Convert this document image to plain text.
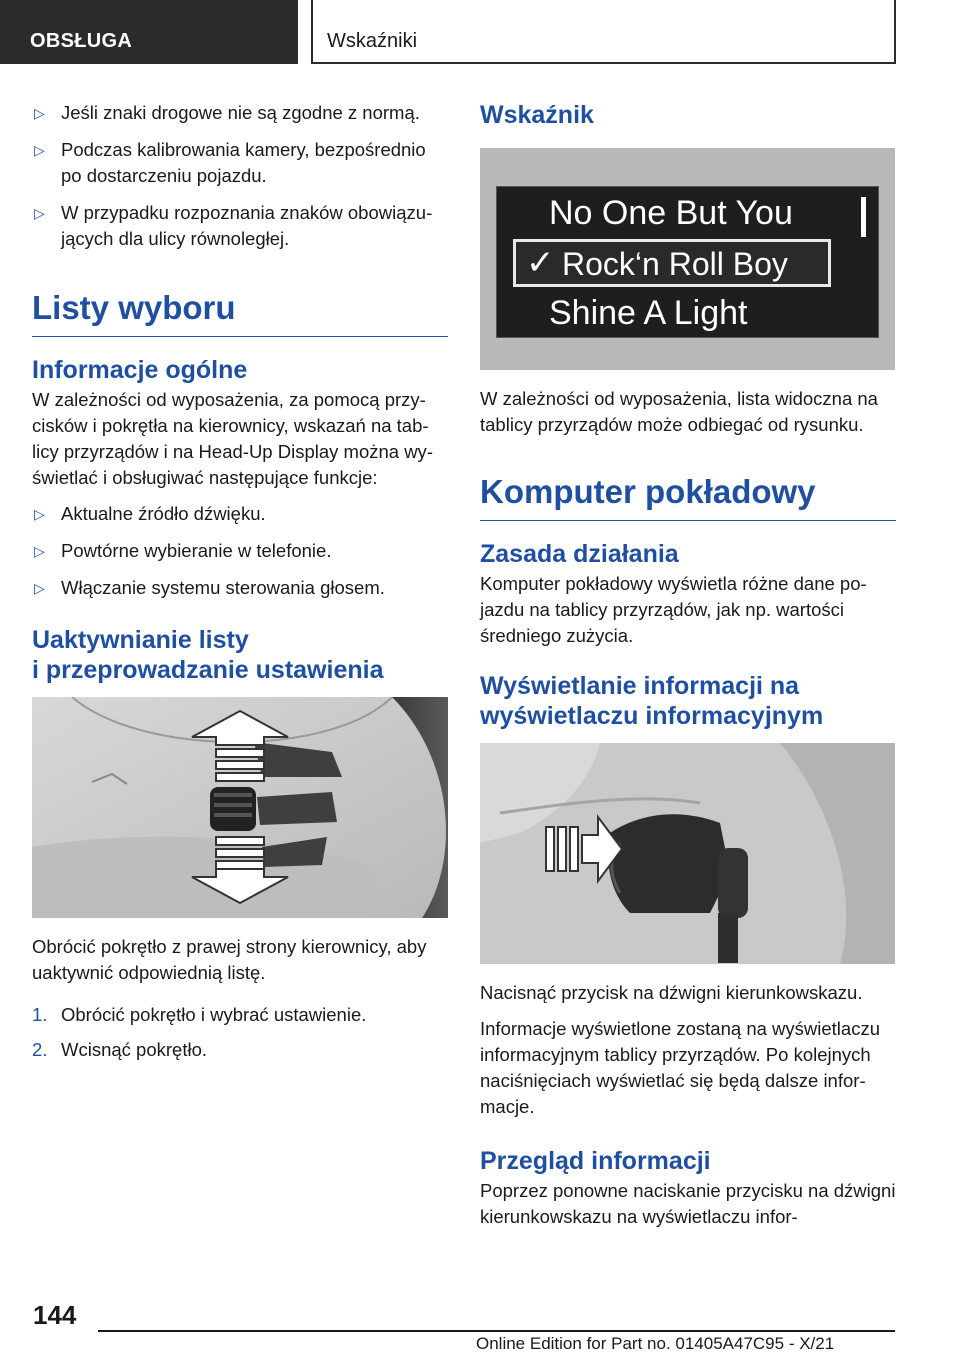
OBSŁUGA	Wskaźniki
▷ Jeśli znaki drogowe nie są zgodne z normą.
▷ Podczas kalibrowania kamery, bezpośrednio po dostarczeniu pojazdu.
▷ W przypadku rozpoznania znaków obowiązujących dla ulicy równoległej.
Listy wyboru
Informacje ogólne

W zależności od wyposażenia, za pomocą przycisków i pokrętła na kierownicy, wskazań na tablicy przyrządów i na Head-Up Display można wyświetlać i obsługiwać następujące funkcje:

▷ Aktualne źródło dźwięku.
▷ Powtórne wybieranie w telefonie.
▷ Włączanie systemu sterowania głosem.
Uaktywnianie listy
i przeprowadzanie ustawienia

Obrócić pokrętło z prawej strony kierownicy, aby uaktywnić odpowiednią listę.

1. Obrócić pokrętło i wybrać ustawienie.
2. Wcisnąć pokrętło.
Wskaźnik
No One But You
✓ Rock‘n Roll Boy
Shine A Light

W zależności od wyposażenia, lista widoczna na tablicy przyrządów może odbiegać od rysunku.

Komputer pokładowy
Zasada działania

Komputer pokładowy wyświetla różne dane pojazdu na tablicy przyrządów, jak np. wartości średniego zużycia.

Wyświetlanie informacji na
wyświetlaczu informacyjnym

Nacisnąć przycisk na dźwigni kierunkowskazu.

Informacje wyświetlone zostaną na wyświetlaczu informacyjnym tablicy przyrządów. Po kolejnych naciśnięciach wyświetlać się będą dalsze informacje.

Przegląd informacji

Poprzez ponowne naciskanie przycisku na dźwigni kierunkowskazu na wyświetlaczu infor-

144
Online Edition for Part no. 01405A47C95 - X/21
